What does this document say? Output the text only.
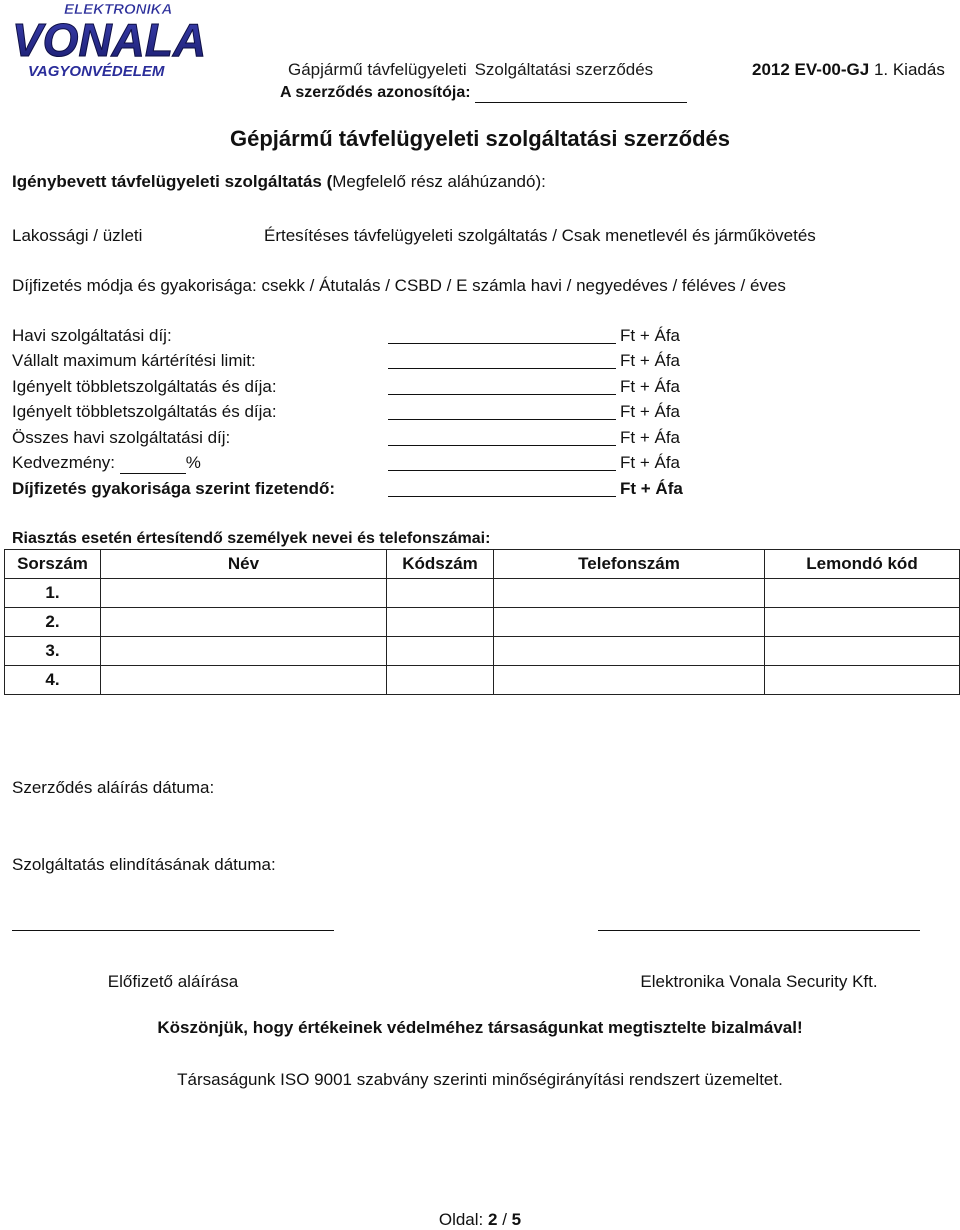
ELEKTRONIKA
VONALA
VAGYONVÉDELEM	Gápjármű távfelügyeleti Szolgáltatási szerződés	2012 EV-00-GJ 1. Kiadás
A szerződés azonosítója:
Gépjármű távfelügyeleti szolgáltatási szerződés
Igénybevett távfelügyeleti szolgáltatás (Megfelelő rész aláhúzandó):
Lakossági / üzleti	Értesítéses távfelügyeleti szolgáltatás / Csak menetlevél és járműkövetés
Díjfizetés módja és gyakorisága: csekk / Átutalás / CSBD / E számla havi / negyedéves / féléves / éves
Havi szolgáltatási díj:	Ft + Áfa
Vállalt maximum kártérítési limit:	Ft + Áfa
Igényelt többletszolgáltatás és díja:	Ft + Áfa
Igényelt többletszolgáltatás és díja:	Ft + Áfa
Összes havi szolgáltatási díj:	Ft + Áfa
Kedvezmény:	%	Ft + Áfa
Díjfizetés gyakorisága szerint fizetendő:	Ft + Áfa
Riasztás esetén értesítendő személyek nevei és telefonszámai:
Sorszám	Név	Kódszám	Telefonszám	Lemondó kód
1.				
2.				
3.				
4.				
Szerződés aláírás dátuma:
Szolgáltatás elindításának dátuma:
Előfizető aláírása	Elektronika Vonala Security Kft.
Köszönjük, hogy értékeinek védelméhez társaságunkat megtisztelte bizalmával!
Társaságunk ISO 9001 szabvány szerinti minőségirányítási rendszert üzemeltet.
Oldal: 2 / 5
